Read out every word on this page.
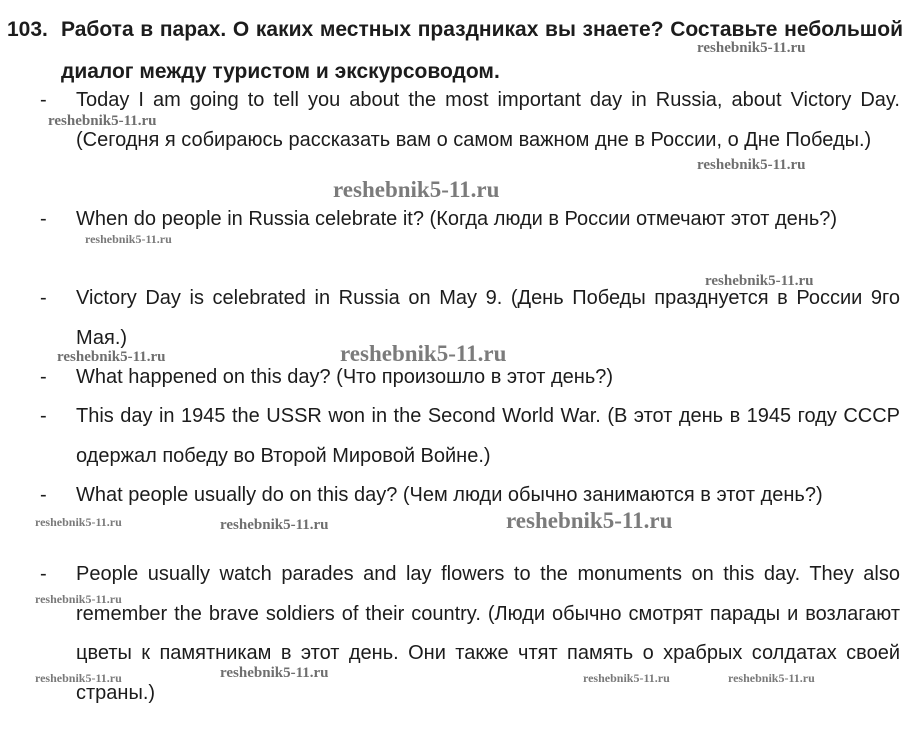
103. Работа в парах. О каких местных праздниках вы знаете? Составьте небольшой диалог между туристом и экскурсоводом.
- Today I am going to tell you about the most important day in Russia, about Victory Day. (Сегодня я собираюсь рассказать вам о самом важном дне в России, о Дне Победы.)
- When do people in Russia celebrate it? (Когда люди в России отмечают этот день?)
- Victory Day is celebrated in Russia on May 9. (День Победы празднуется в России 9го Мая.)
- What happened on this day? (Что произошло в этот день?)
- This day in 1945 the USSR won in the Second World War. (В этот день в 1945 году СССР одержал победу во Второй Мировой Войне.)
- What people usually do on this day? (Чем люди обычно занимаются в этот день?)
- People usually watch parades and lay flowers to the monuments on this day. They also remember the brave soldiers of their country. (Люди обычно смотрят парады и возлагают цветы к памятникам в этот день. Они также чтят память о храбрых солдатах своей страны.)
reshebnik5-11.ru
reshebnik5-11.ru
reshebnik5-11.ru
reshebnik5-11.ru
reshebnik5-11.ru
reshebnik5-11.ru
reshebnik5-11.ru	reshebnik5-11.ru
reshebnik5-11.ru	reshebnik5-11.ru	reshebnik5-11.ru
reshebnik5-11.ru
reshebnik5-11.ru	reshebnik5-11.ru	reshebnik5-11.ru	reshebnik5-11.ru
